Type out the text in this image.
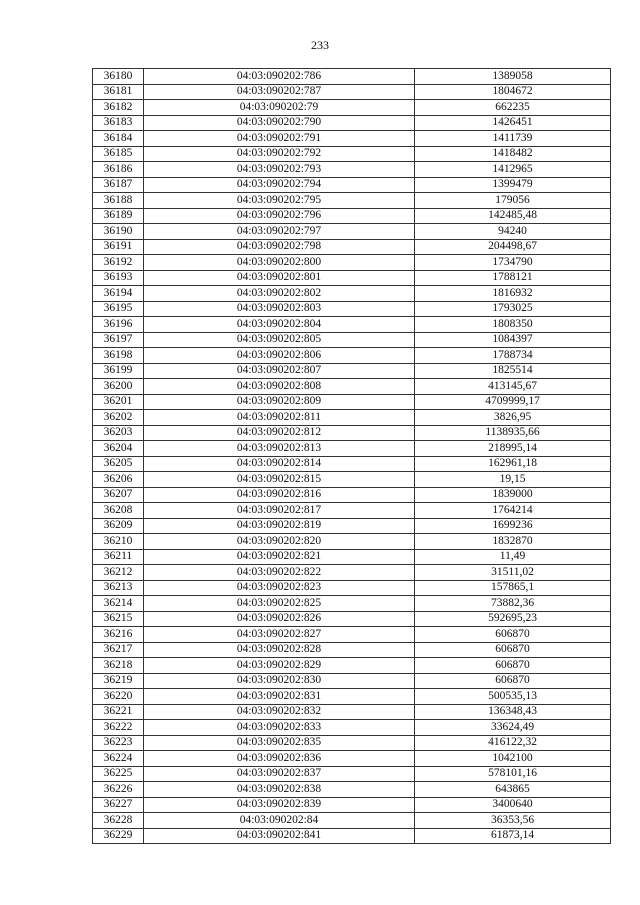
233
36180	04:03:090202:786	1389058
36181	04:03:090202:787	1804672
36182	04:03:090202:79	662235
36183	04:03:090202:790	1426451
36184	04:03:090202:791	1411739
36185	04:03:090202:792	1418482
36186	04:03:090202:793	1412965
36187	04:03:090202:794	1399479
36188	04:03:090202:795	179056
36189	04:03:090202:796	142485,48
36190	04:03:090202:797	94240
36191	04:03:090202:798	204498,67
36192	04:03:090202:800	1734790
36193	04:03:090202:801	1788121
36194	04:03:090202:802	1816932
36195	04:03:090202:803	1793025
36196	04:03:090202:804	1808350
36197	04:03:090202:805	1084397
36198	04:03:090202:806	1788734
36199	04:03:090202:807	1825514
36200	04:03:090202:808	413145,67
36201	04:03:090202:809	4709999,17
36202	04:03:090202:811	3826,95
36203	04:03:090202:812	1138935,66
36204	04:03:090202:813	218995,14
36205	04:03:090202:814	162961,18
36206	04:03:090202:815	19,15
36207	04:03:090202:816	1839000
36208	04:03:090202:817	1764214
36209	04:03:090202:819	1699236
36210	04:03:090202:820	1832870
36211	04:03:090202:821	11,49
36212	04:03:090202:822	31511,02
36213	04:03:090202:823	157865,1
36214	04:03:090202:825	73882,36
36215	04:03:090202:826	592695,23
36216	04:03:090202:827	606870
36217	04:03:090202:828	606870
36218	04:03:090202:829	606870
36219	04:03:090202:830	606870
36220	04:03:090202:831	500535,13
36221	04:03:090202:832	136348,43
36222	04:03:090202:833	33624,49
36223	04:03:090202:835	416122,32
36224	04:03:090202:836	1042100
36225	04:03:090202:837	578101,16
36226	04:03:090202:838	643865
36227	04:03:090202:839	3400640
36228	04:03:090202:84	36353,56
36229	04:03:090202:841	61873,14
